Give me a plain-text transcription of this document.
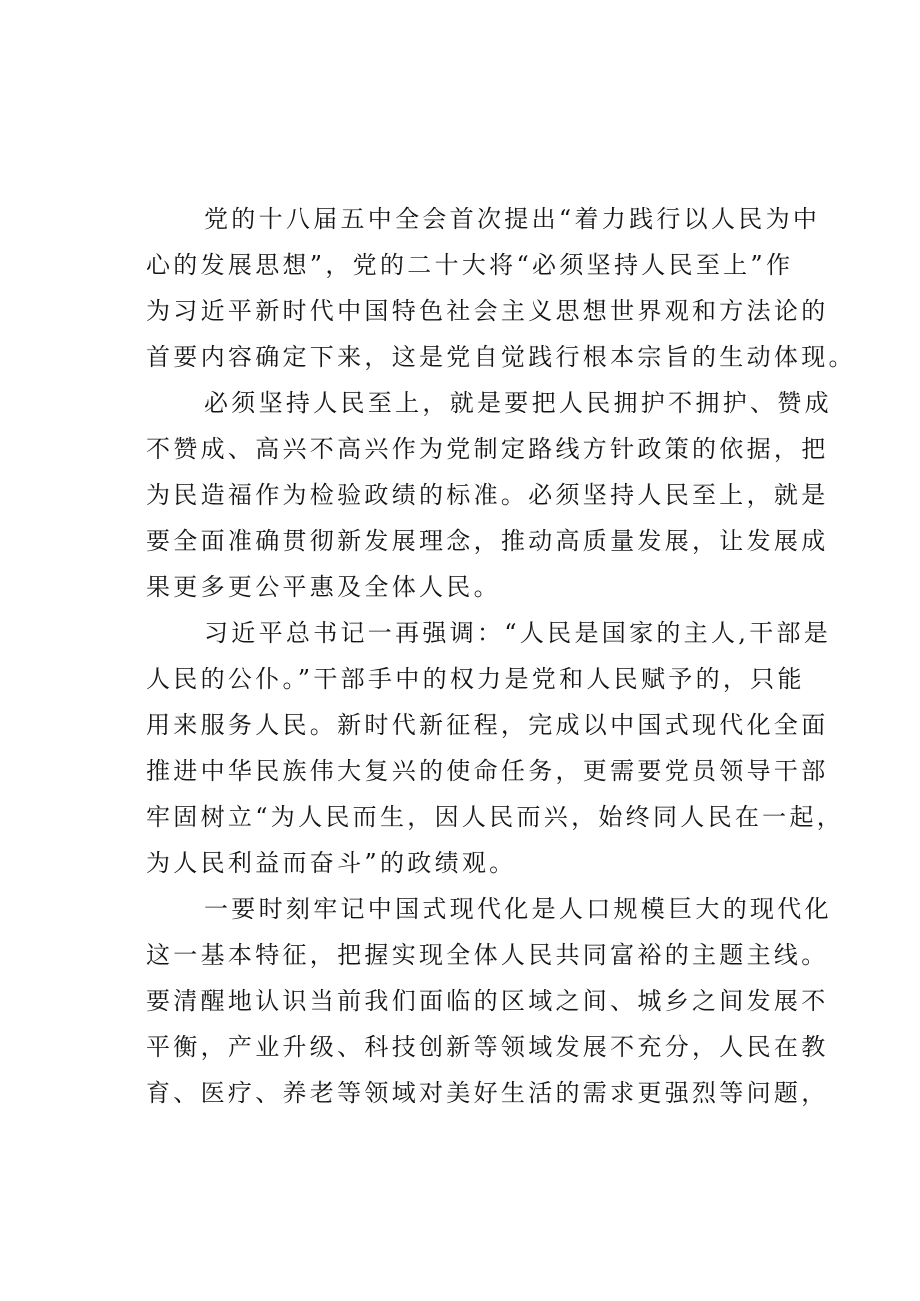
党的十八届五中全会首次提出“着力践行以人民为中
心的发展思想”，党的二十大将“必须坚持人民至上”作
为习近平新时代中国特色社会主义思想世界观和方法论的
首要内容确定下来，这是党自觉践行根本宗旨的生动体现。

必须坚持人民至上，就是要把人民拥护不拥护、赞成
不赞成、高兴不高兴作为党制定路线方针政策的依据，把
为民造福作为检验政绩的标准。必须坚持人民至上，就是
要全面准确贯彻新发展理念，推动高质量发展，让发展成
果更多更公平惠及全体人民。

习近平总书记一再强调：“人民是国家的主人,干部是
人民的公仆。”干部手中的权力是党和人民赋予的，只能
用来服务人民。新时代新征程，完成以中国式现代化全面
推进中华民族伟大复兴的使命任务，更需要党员领导干部
牢固树立“为人民而生，因人民而兴，始终同人民在一起，
为人民利益而奋斗”的政绩观。

一要时刻牢记中国式现代化是人口规模巨大的现代化
这一基本特征，把握实现全体人民共同富裕的主题主线。
要清醒地认识当前我们面临的区域之间、城乡之间发展不
平衡，产业升级、科技创新等领域发展不充分，人民在教
育、医疗、养老等领域对美好生活的需求更强烈等问题，
